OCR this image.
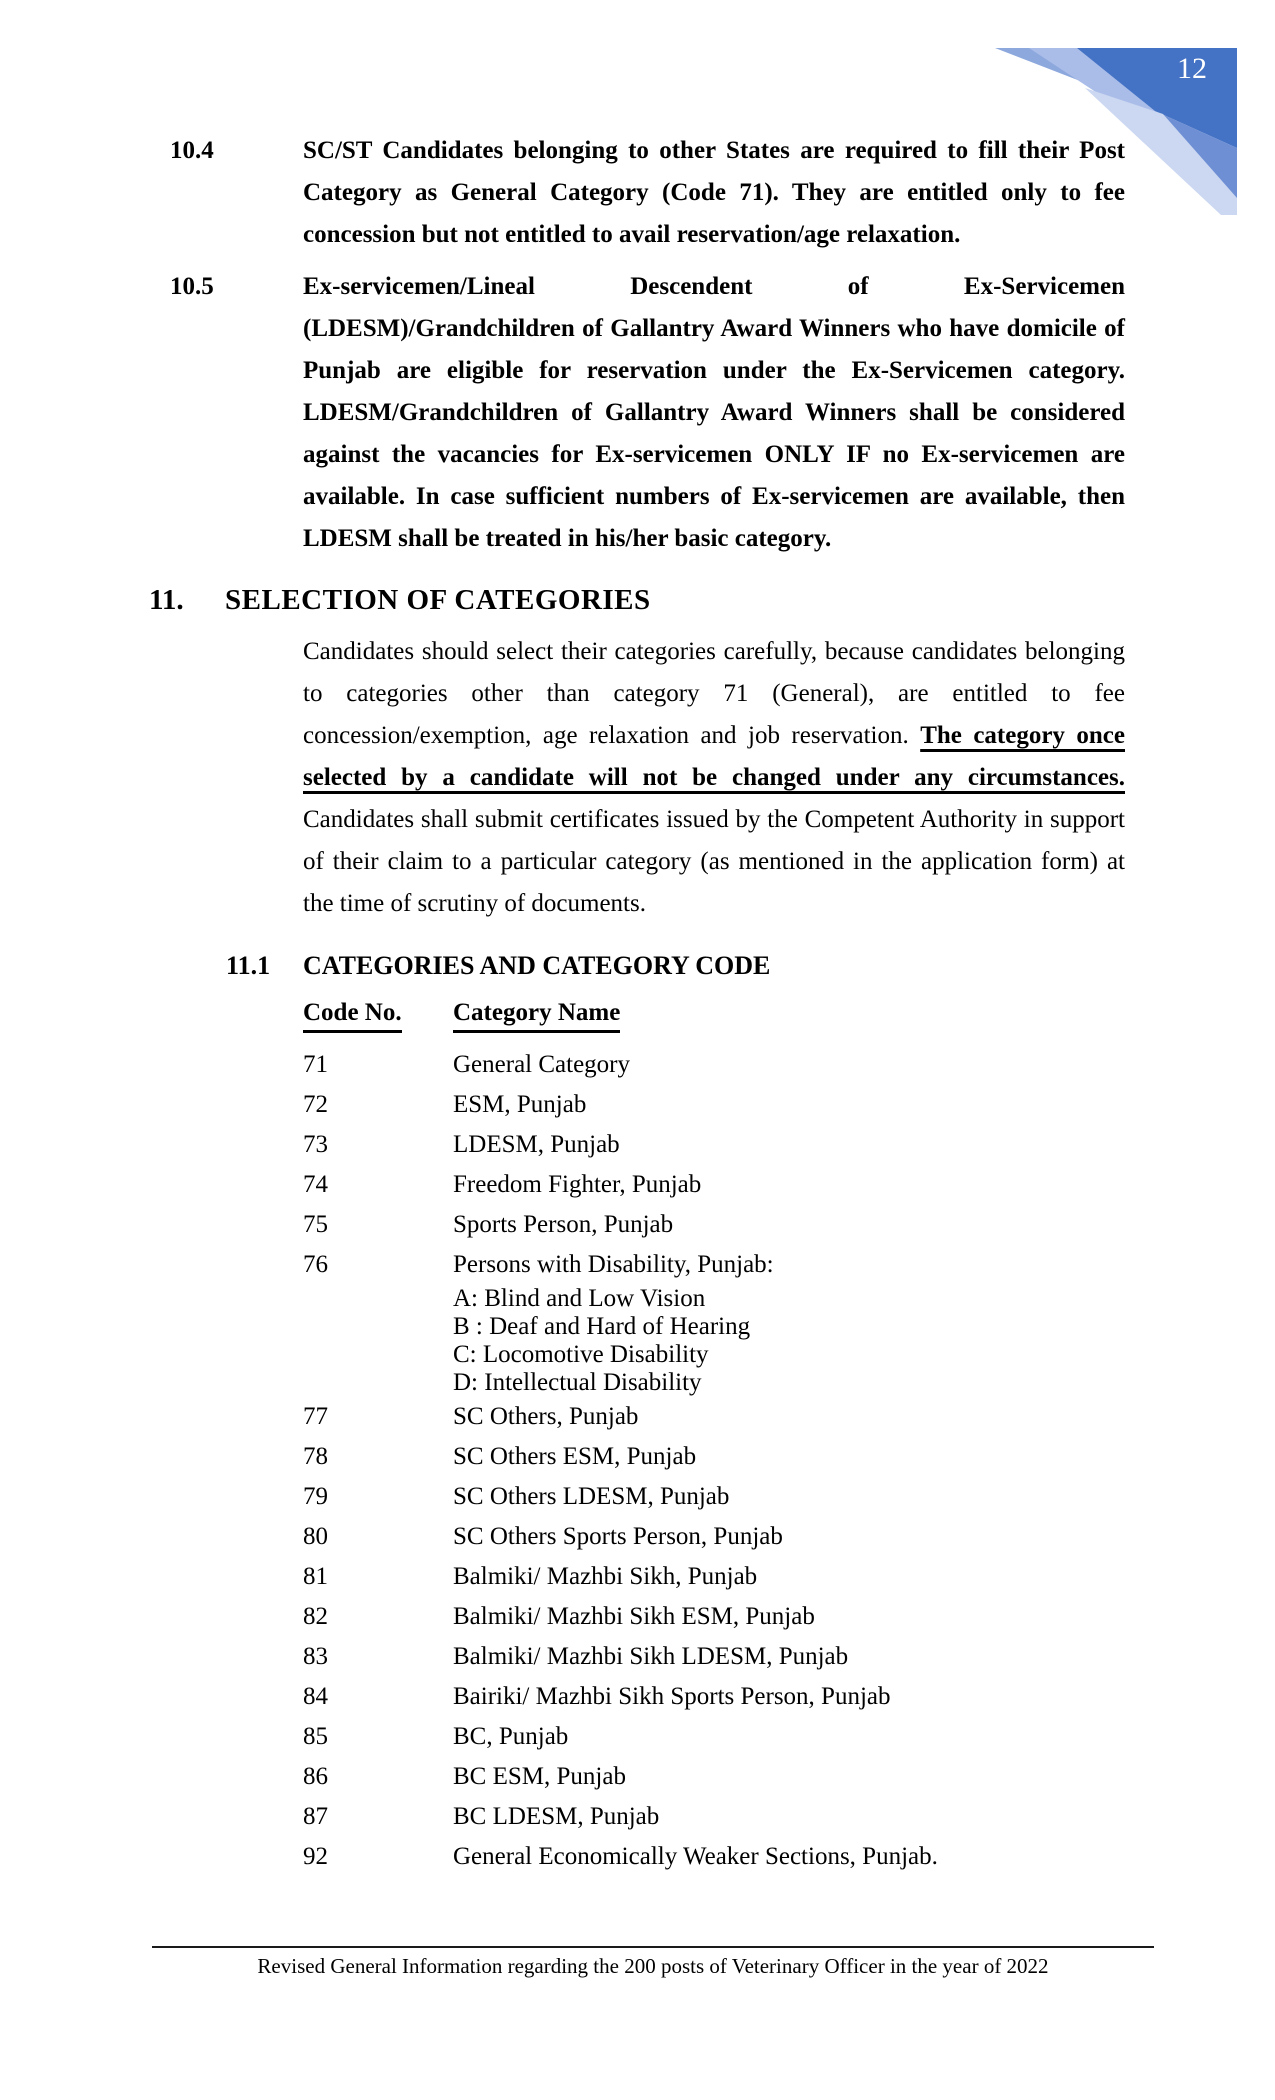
12
10.4	SC/ST Candidates belonging to other States are required to fill their Post Category as General Category (Code 71). They are entitled only to fee concession but not entitled to avail reservation/age relaxation.
10.5	Ex-servicemen/Lineal Descendent of Ex-Servicemen (LDESM)/Grandchildren of Gallantry Award Winners who have domicile of Punjab are eligible for reservation under the Ex-Servicemen category. LDESM/Grandchildren of Gallantry Award Winners shall be considered against the vacancies for Ex-servicemen ONLY IF no Ex-servicemen are available. In case sufficient numbers of Ex-servicemen are available, then LDESM shall be treated in his/her basic category.
11.	SELECTION OF CATEGORIES
Candidates should select their categories carefully, because candidates belonging to categories other than category 71 (General), are entitled to fee concession/exemption, age relaxation and job reservation. The category once selected by a candidate will not be changed under any circumstances. Candidates shall submit certificates issued by the Competent Authority in support of their claim to a particular category (as mentioned in the application form) at the time of scrutiny of documents.
11.1	CATEGORIES AND CATEGORY CODE
Code No.	Category Name
71	General Category
72	ESM, Punjab
73	LDESM, Punjab
74	Freedom Fighter, Punjab
75	Sports Person, Punjab
76	Persons with Disability, Punjab:
A: Blind and Low Vision
B : Deaf and Hard of Hearing
C: Locomotive Disability
D: Intellectual Disability
77	SC Others, Punjab
78	SC Others ESM, Punjab
79	SC Others LDESM, Punjab
80	SC Others Sports Person, Punjab
81	Balmiki/ Mazhbi Sikh, Punjab
82	Balmiki/ Mazhbi Sikh ESM, Punjab
83	Balmiki/ Mazhbi Sikh LDESM, Punjab
84	Bairiki/ Mazhbi Sikh Sports Person, Punjab
85	BC, Punjab
86	BC ESM, Punjab
87	BC LDESM, Punjab
92	General Economically Weaker Sections, Punjab.
Revised General Information regarding the 200 posts of Veterinary Officer in the year of 2022
